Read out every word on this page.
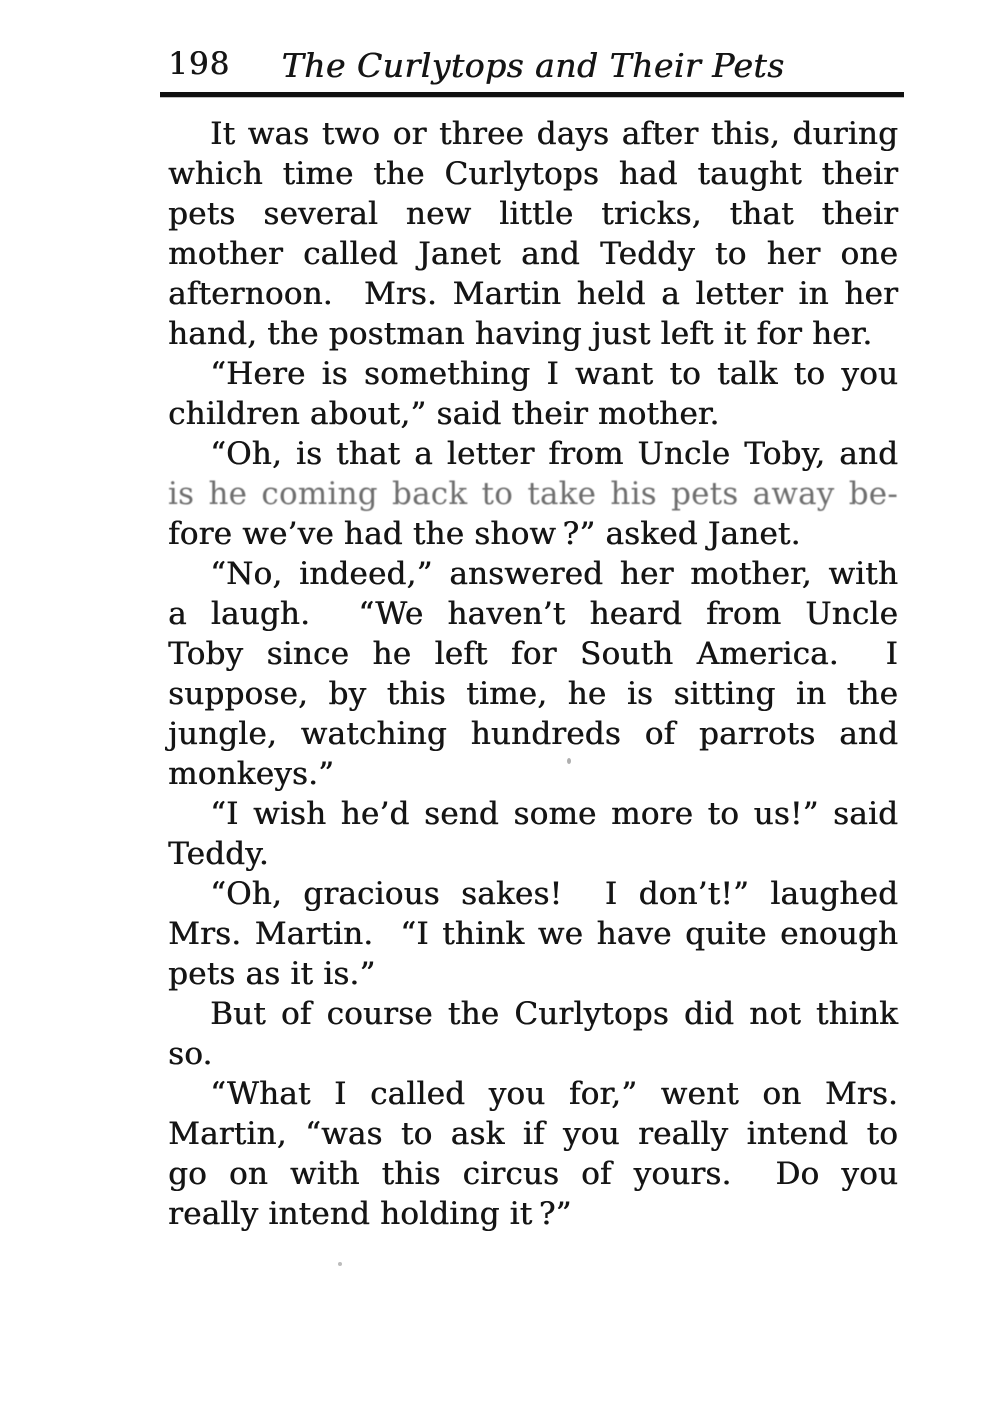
198	The Curlytops and Their Pets
It was two or three days after this, during
which time the Curlytops had taught their
pets several new little tricks, that their
mother called Janet and Teddy to her one
afternoon.  Mrs. Martin held a letter in her
hand, the postman having just left it for her.
“Here is something I want to talk to you
children about,” said their mother.
“Oh, is that a letter from Uncle Toby, and
is he coming back to take his pets away be-
fore we’ve had the show ?” asked Janet.
“No, indeed,” answered her mother, with
a laugh.  “We haven’t heard from Uncle
Toby since he left for South America.  I
suppose, by this time, he is sitting in the
jungle, watching hundreds of parrots and
monkeys.”
“I wish he’d send some more to us!” said
Teddy.
“Oh, gracious sakes!  I don’t!” laughed
Mrs. Martin.  “I think we have quite enough
pets as it is.”
But of course the Curlytops did not think
so.
“What I called you for,” went on Mrs.
Martin, “was to ask if you really intend to
go on with this circus of yours.  Do you
really intend holding it ?”
